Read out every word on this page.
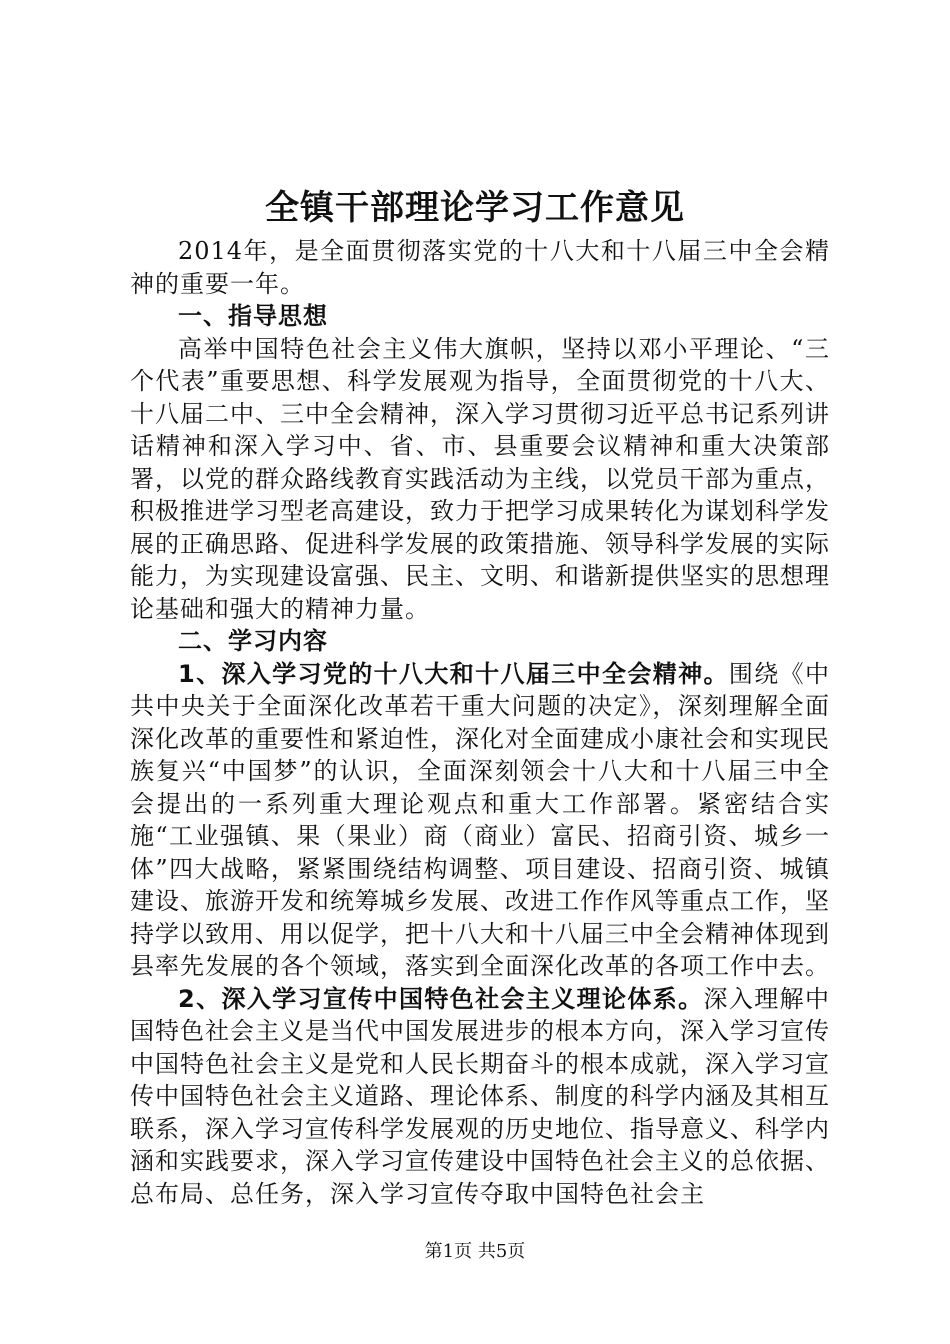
全镇干部理论学习工作意见

2014年，是全面贯彻落实党的十八大和十八届三中全会精神的重要一年。

一、指导思想

高举中国特色社会主义伟大旗帜，坚持以邓小平理论、“三个代表”重要思想、科学发展观为指导，全面贯彻党的十八大、十八届二中、三中全会精神，深入学习贯彻习近平总书记系列讲话精神和深入学习中、省、市、县重要会议精神和重大决策部署，以党的群众路线教育实践活动为主线，以党员干部为重点，积极推进学习型老高建设，致力于把学习成果转化为谋划科学发展的正确思路、促进科学发展的政策措施、领导科学发展的实际能力，为实现建设富强、民主、文明、和谐新提供坚实的思想理论基础和强大的精神力量。

二、学习内容

1、深入学习党的十八大和十八届三中全会精神。围绕《中共中央关于全面深化改革若干重大问题的决定》，深刻理解全面深化改革的重要性和紧迫性，深化对全面建成小康社会和实现民族复兴“中国梦”的认识，全面深刻领会十八大和十八届三中全会提出的一系列重大理论观点和重大工作部署。紧密结合实施“工业强镇、果（果业）商（商业）富民、招商引资、城乡一体”四大战略，紧紧围绕结构调整、项目建设、招商引资、城镇建设、旅游开发和统筹城乡发展、改进工作作风等重点工作，坚持学以致用、用以促学，把十八大和十八届三中全会精神体现到县率先发展的各个领域，落实到全面深化改革的各项工作中去。

2、深入学习宣传中国特色社会主义理论体系。深入理解中国特色社会主义是当代中国发展进步的根本方向，深入学习宣传中国特色社会主义是党和人民长期奋斗的根本成就，深入学习宣传中国特色社会主义道路、理论体系、制度的科学内涵及其相互联系，深入学习宣传科学发展观的历史地位、指导意义、科学内涵和实践要求，深入学习宣传建设中国特色社会主义的总依据、总布局、总任务，深入学习宣传夺取中国特色社会主

第1页 共5页
